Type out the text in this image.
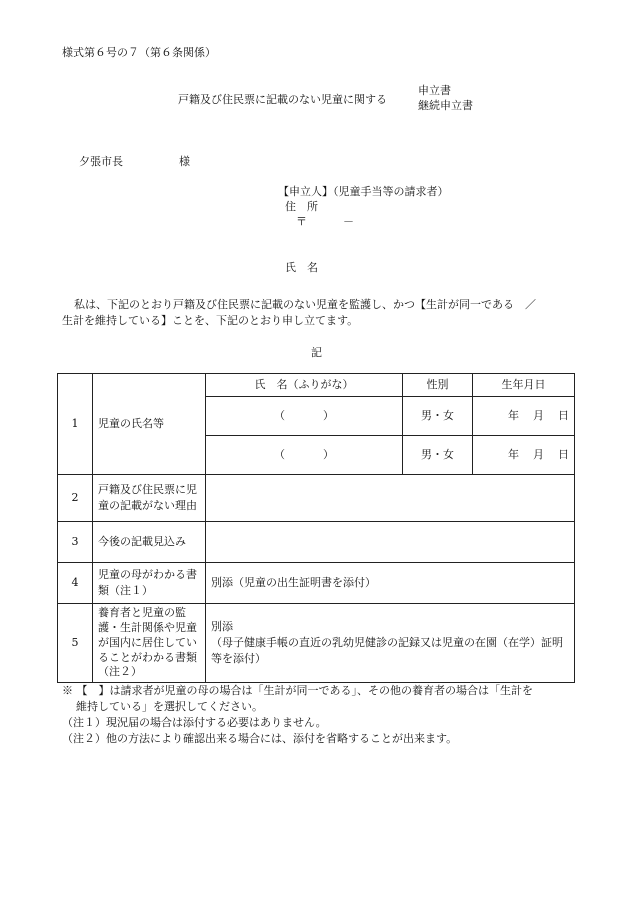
様式第６号の７（第６条関係）
戸籍及び住民票に記載のない児童に関する
申立書
継続申立書
夕張市長	様
【申立人】（児童手当等の請求者）
住　所
〒	－
氏　名
私は、下記のとおり戸籍及び住民票に記載のない児童を監護し、かつ【生計が同一である　／
生計を維持している】ことを、下記のとおり申し立てます。
記
1	児童の氏名等	氏　名（ふりがな）	性別	生年月日
		（ ）	男・女	年 月 日
		（ ）	男・女	年 月 日
2	戸籍及び住民票に児童の記載がない理由			
3	今後の記載見込み			
4	児童の母がわかる書類（注１）	別添（児童の出生証明書を添付）		
5	養育者と児童の監護・生計関係や児童が国内に居住していることがわかる書類（注２）	別添
（母子健康手帳の直近の乳幼児健診の記録又は児童の在園（在学）証明等を添付）		
※ 【　】は請求者が児童の母の場合は「生計が同一である」、その他の養育者の場合は「生計を
維持している」を選択してください。
（注１）現況届の場合は添付する必要はありません。
（注２）他の方法により確認出来る場合には、添付を省略することが出来ます。
